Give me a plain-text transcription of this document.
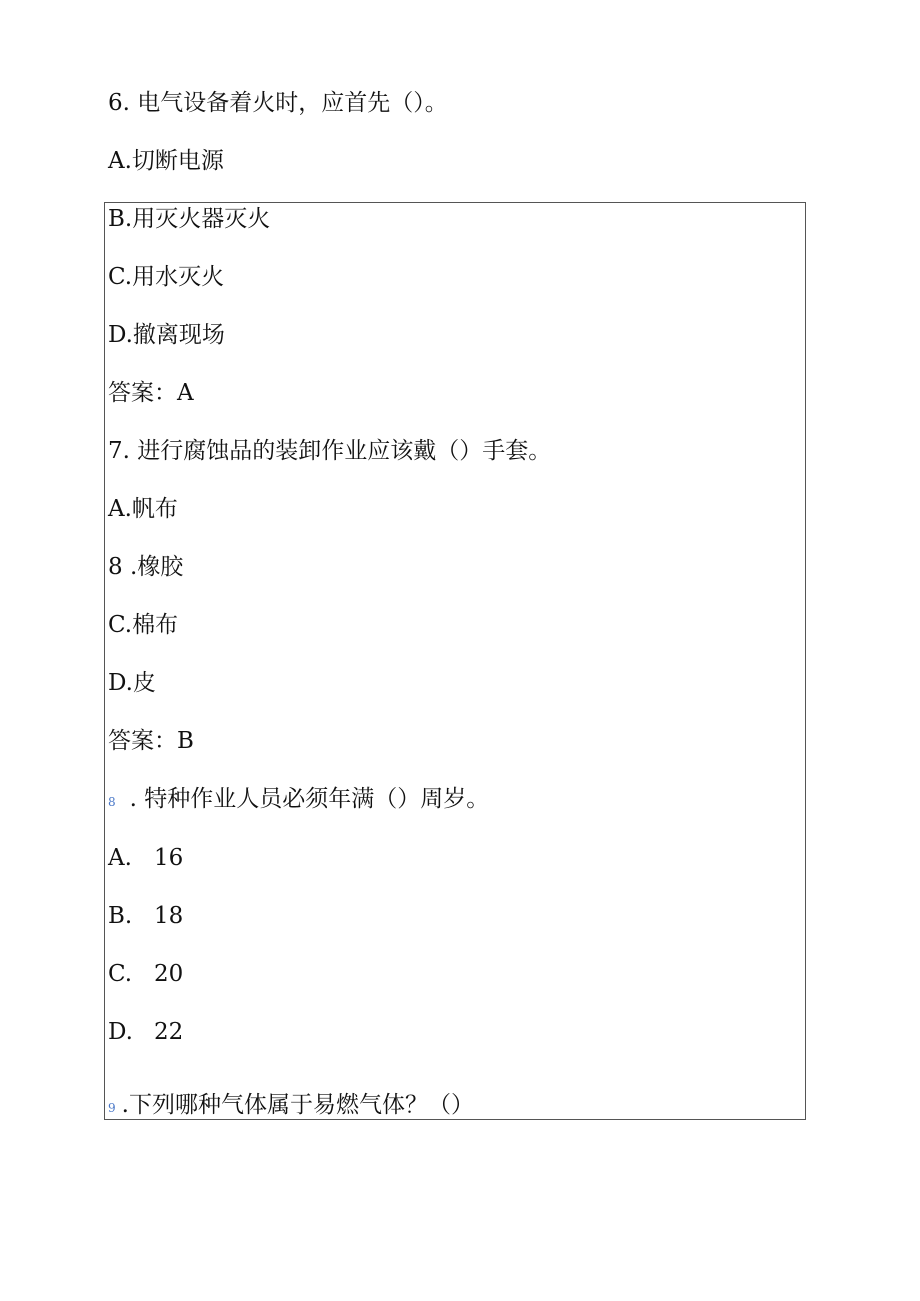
6. 电气设备着火时，应首先（）。
A.切断电源
B.用灭火器灭火
C.用水灭火
D.撤离现场
答案：A
7. 进行腐蚀品的装卸作业应该戴（）手套。
A.帆布
8 .橡胶
C.棉布
D.皮
答案：B
8 . 特种作业人员必须年满（）周岁。
A. 16
B. 18
C. 20
D. 22
9 .下列哪种气体属于易燃气体？（）
